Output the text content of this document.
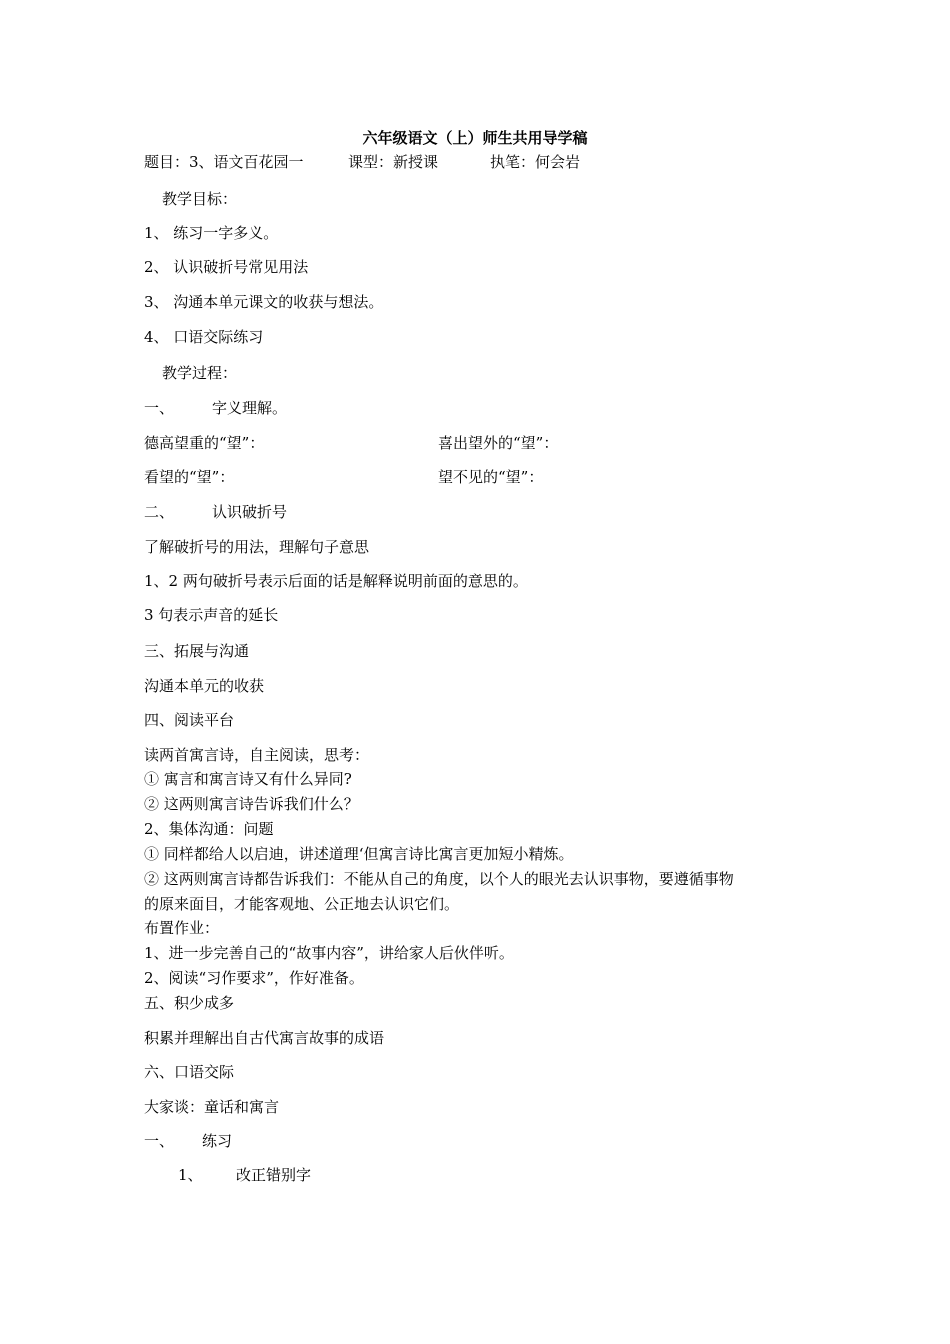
六年级语文（上）师生共用导学稿
题目：3、语文百花园一	课型：新授课	执笔：何会岩
教学目标：
1、 练习一字多义。
2、 认识破折号常见用法
3、 沟通本单元课文的收获与想法。
4、 口语交际练习
教学过程：
一、	字义理解。
德高望重的“望”：	喜出望外的“望”：
看望的“望”：	望不见的“望”：
二、	认识破折号
了解破折号的用法，理解句子意思
1、2 两句破折号表示后面的话是解释说明前面的意思的。
3 句表示声音的延长
三、拓展与沟通
沟通本单元的收获
四、阅读平台
读两首寓言诗，自主阅读，思考：
① 寓言和寓言诗又有什么异同?
② 这两则寓言诗告诉我们什么？
2、集体沟通：问题
① 同样都给人以启迪，讲述道理‘但寓言诗比寓言更加短小精炼。
② 这两则寓言诗都告诉我们：不能从自己的角度，以个人的眼光去认识事物，要遵循事物
的原来面目，才能客观地、公正地去认识它们。
布置作业：
1、进一步完善自己的“故事内容”，讲给家人后伙伴听。
2、阅读“习作要求”，作好准备。
五、积少成多
积累并理解出自古代寓言故事的成语
六、口语交际
大家谈：童话和寓言
一、 练习
1、 改正错别字
